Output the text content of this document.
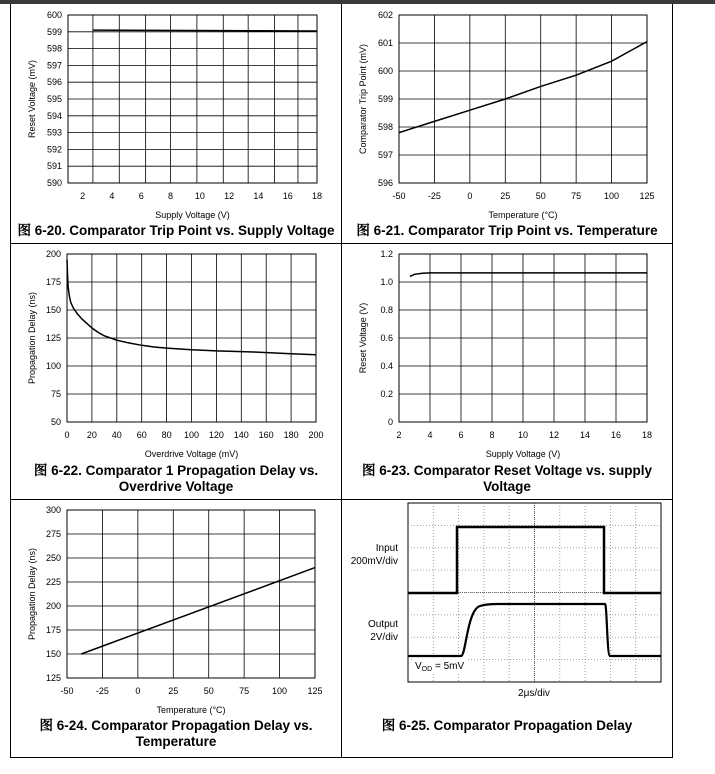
590
591
592
593
594
595
596
597
598
599
600
2	4	6	8 10 12 14 16 18
Supply Voltage (V)
Reset Voltage (mV)
图 6-20. Comparator Trip Point vs. Supply Voltage
596
597
598
599
600
601
602
-50 -25	0	25	50	75	100 125
Temperature (°C)
Comparator Trip Point (mV)
图 6-21. Comparator Trip Point vs. Temperature
50
75
100
125
150
175
200
0 20 40 60 80 100 120 140 160 180 200
Overdrive Voltage (mV)
Propagation Delay (ns)
图 6-22. Comparator 1 Propagation Delay vs. Overdrive Voltage
0
0.2
0.4
0.6
0.8
1.0
1.2
2	4	6	8	10 12 14 16 18
Supply Voltage (V)
Reset Voltage (V)
图 6-23. Comparator Reset Voltage vs. supply Voltage
125
150
175
200
225
250
275
300
-50 -25	0	25	50	75	100 125
Temperature (°C)
Propagation Delay (ns)
图 6-24. Comparator Propagation Delay vs. Temperature
Input
200mV/div
Output
2V/div
$V_{OD} = 5mV$
2μs/div
图 6-25. Comparator Propagation Delay
